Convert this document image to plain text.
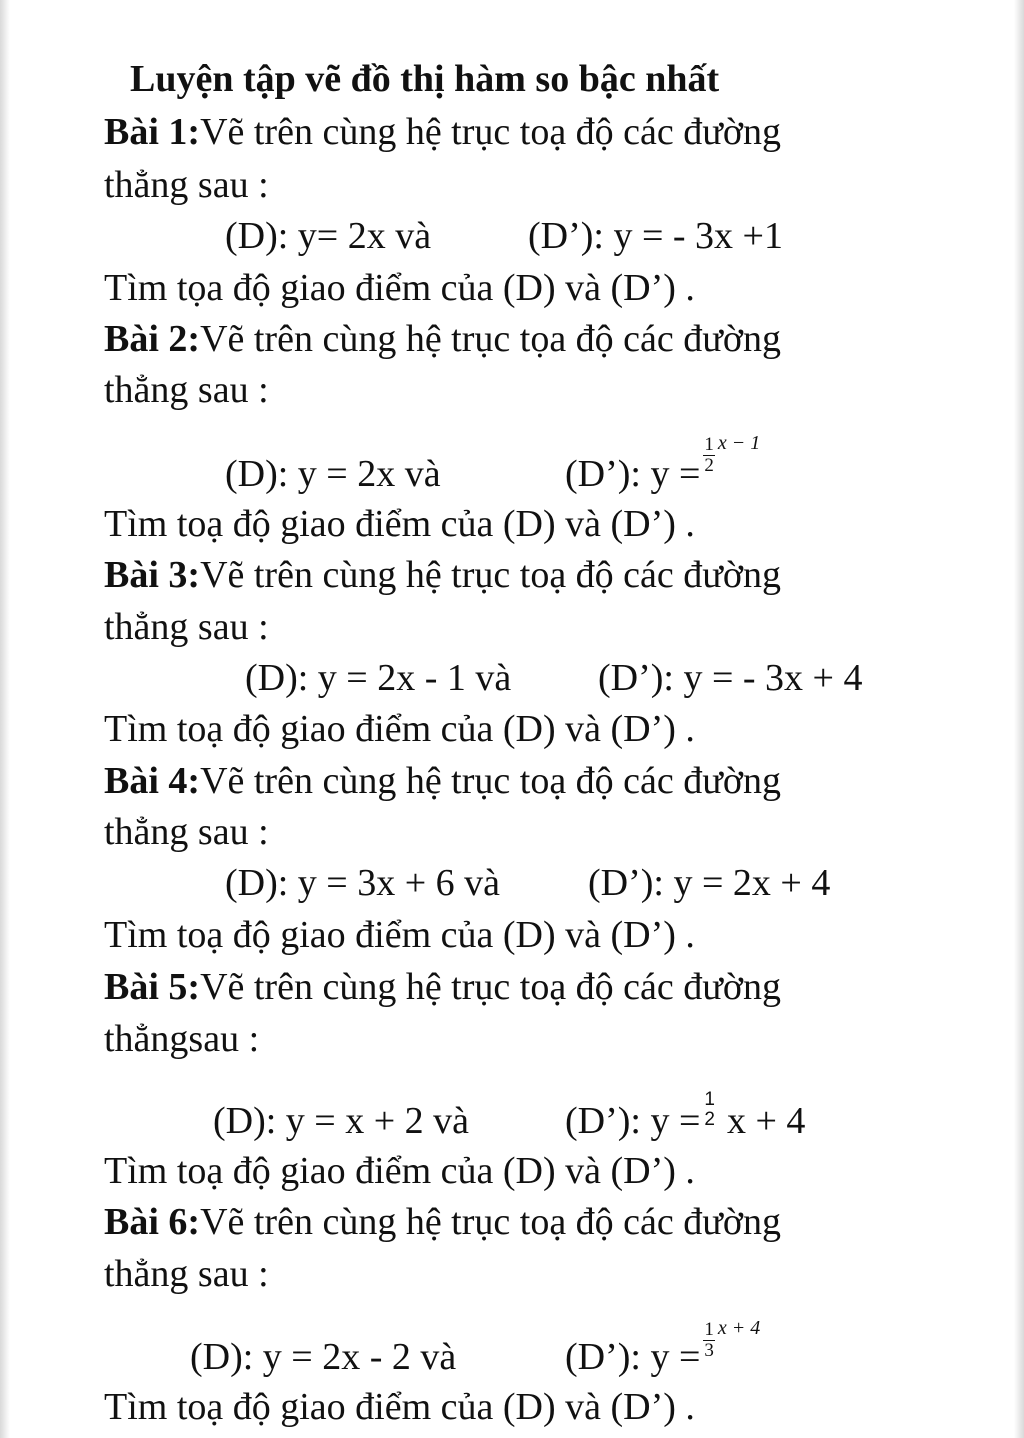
Luyện tập vẽ đồ thị hàm so bậc nhất
Bài 1:Vẽ trên cùng hệ trục toạ độ các đường
thẳng sau :
(D): y= 2x và	(D’): y = - 3x +1
Tìm tọa độ giao điểm của (D) và (D’) .
Bài 2:Vẽ trên cùng hệ trục tọa độ các đường
thẳng sau :
(D): y = 2x và	(D’): $y = \frac{1}{2}$ x − 1
Tìm toạ độ giao điểm của (D) và (D’) .
Bài 3:Vẽ trên cùng hệ trục toạ độ các đường
thẳng sau :
(D): y = 2x - 1 và (D’): y = - 3x + 4
Tìm toạ độ giao điểm của (D) và (D’) .
Bài 4:Vẽ trên cùng hệ trục toạ độ các đường
thẳng sau :
(D): y = 3x + 6 và (D’): y = 2x + 4
Tìm toạ độ giao điểm của (D) và (D’) .
Bài 5:Vẽ trên cùng hệ trục toạ độ các đường
thẳngsau :
(D): y = x + 2 và	(D’): y =
1
2 x + 4
Tìm toạ độ giao điểm của (D) và (D’) .
Bài 6:Vẽ trên cùng hệ trục toạ độ các đường
thẳng sau :
(D): y = 2x - 2 và	(D’): $y = \frac{1}{3}$ x + 4
Tìm toạ độ giao điểm của (D) và (D’) .
